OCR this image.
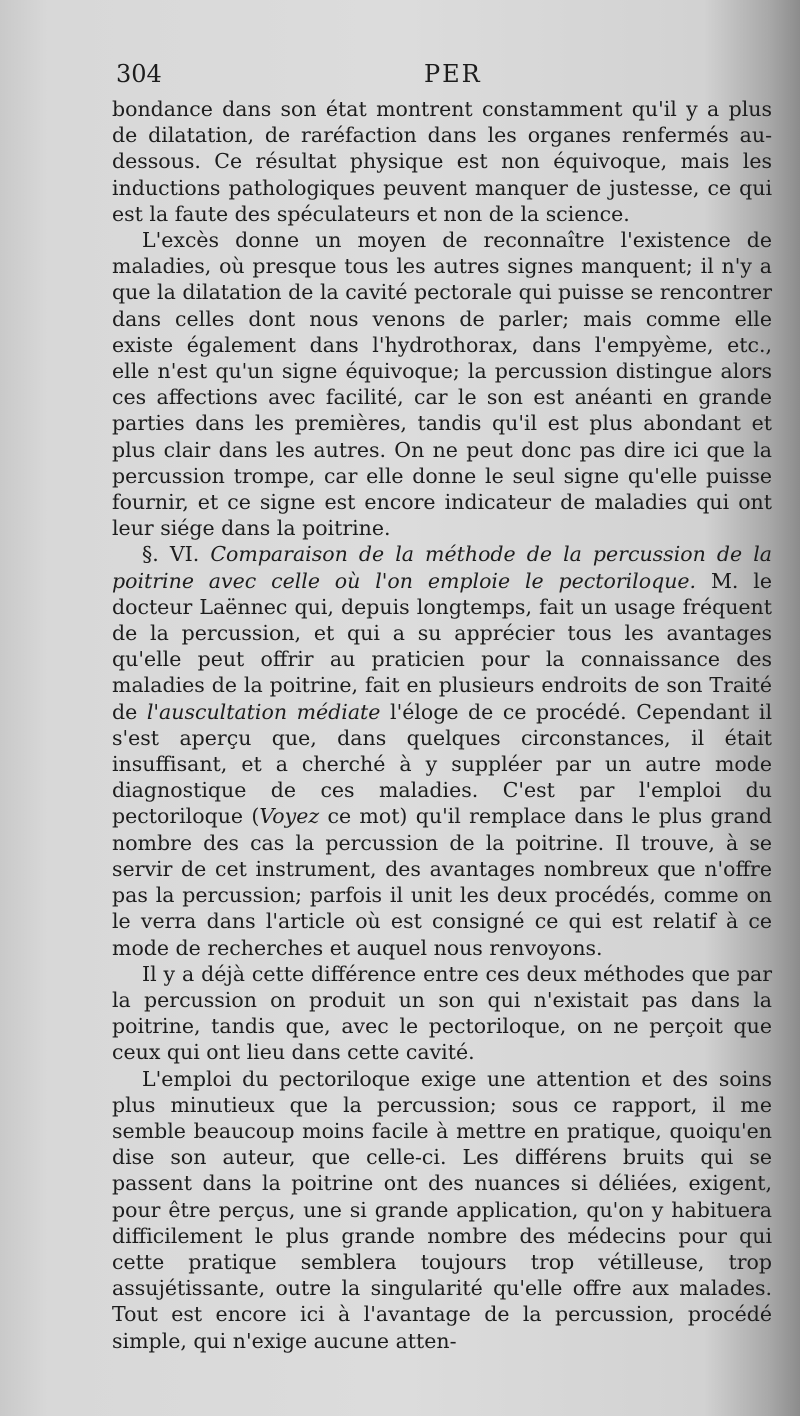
304	PER

bondance dans son état montrent constamment qu'il y a plus de dilatation, de raréfaction dans les organes renfermés au-dessous. Ce résultat physique est non équivoque, mais les inductions pathologiques peuvent manquer de justesse, ce qui est la faute des spéculateurs et non de la science.

L'excès donne un moyen de reconnaître l'existence de maladies, où presque tous les autres signes manquent; il n'y a que la dilatation de la cavité pectorale qui puisse se rencontrer dans celles dont nous venons de parler; mais comme elle existe également dans l'hydrothorax, dans l'empyème, etc., elle n'est qu'un signe équivoque; la percussion distingue alors ces affections avec facilité, car le son est anéanti en grande parties dans les premières, tandis qu'il est plus abondant et plus clair dans les autres. On ne peut donc pas dire ici que la percussion trompe, car elle donne le seul signe qu'elle puisse fournir, et ce signe est encore indicateur de maladies qui ont leur siége dans la poitrine.

§. VI. Comparaison de la méthode de la percussion de la poitrine avec celle où l'on emploie le pectoriloque. M. le docteur Laënnec qui, depuis longtemps, fait un usage fréquent de la percussion, et qui a su apprécier tous les avantages qu'elle peut offrir au praticien pour la connaissance des maladies de la poitrine, fait en plusieurs endroits de son Traité de l'auscultation médiate l'éloge de ce procédé. Cependant il s'est aperçu que, dans quelques circonstances, il était insuffisant, et a cherché à y suppléer par un autre mode diagnostique de ces maladies. C'est par l'emploi du pectoriloque (Voyez ce mot) qu'il remplace dans le plus grand nombre des cas la percussion de la poitrine. Il trouve, à se servir de cet instrument, des avantages nombreux que n'offre pas la percussion; parfois il unit les deux procédés, comme on le verra dans l'article où est consigné ce qui est relatif à ce mode de recherches et auquel nous renvoyons.

Il y a déjà cette différence entre ces deux méthodes que par la percussion on produit un son qui n'existait pas dans la poitrine, tandis que, avec le pectoriloque, on ne perçoit que ceux qui ont lieu dans cette cavité.

L'emploi du pectoriloque exige une attention et des soins plus minutieux que la percussion; sous ce rapport, il me semble beaucoup moins facile à mettre en pratique, quoiqu'en dise son auteur, que celle-ci. Les différens bruits qui se passent dans la poitrine ont des nuances si déliées, exigent, pour être perçus, une si grande application, qu'on y habituera difficilement le plus grande nombre des médecins pour qui cette pratique semblera toujours trop vétilleuse, trop assujétissante, outre la singularité qu'elle offre aux malades. Tout est encore ici à l'avantage de la percussion, procédé simple, qui n'exige aucune atten-
